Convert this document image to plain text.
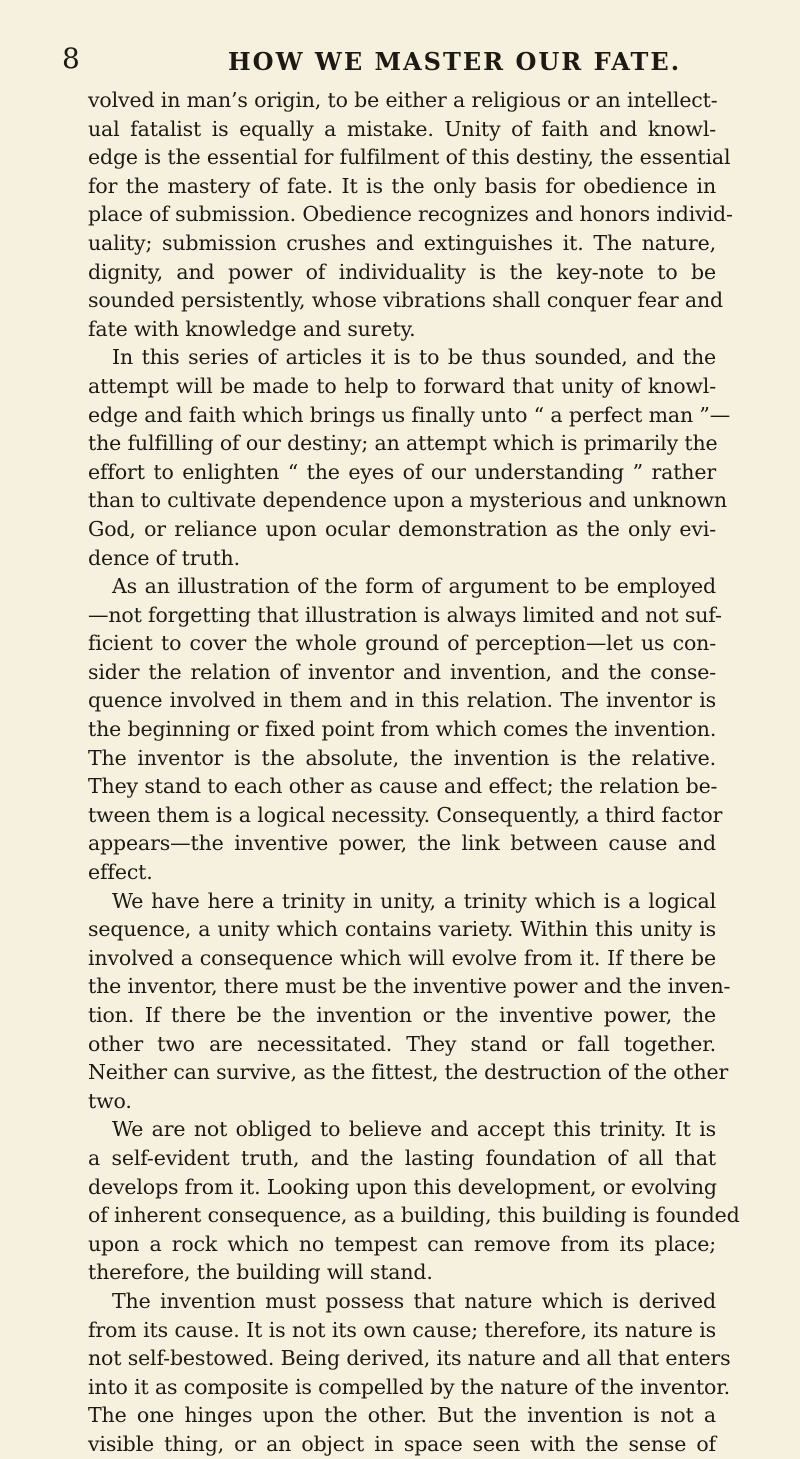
8	HOW WE MASTER OUR FATE.
volved in man’s origin, to be either a religious or an intellect-
ual fatalist is equally a mistake. Unity of faith and knowl-
edge is the essential for fulfilment of this destiny, the essential
for the mastery of fate. It is the only basis for obedience in
place of submission. Obedience recognizes and honors individ-
uality; submission crushes and extinguishes it. The nature,
dignity, and power of individuality is the key-note to be
sounded persistently, whose vibrations shall conquer fear and
fate with knowledge and surety.
In this series of articles it is to be thus sounded, and the
attempt will be made to help to forward that unity of knowl-
edge and faith which brings us finally unto “ a perfect man ”—
the fulfilling of our destiny; an attempt which is primarily the
effort to enlighten “ the eyes of our understanding ” rather
than to cultivate dependence upon a mysterious and unknown
God, or reliance upon ocular demonstration as the only evi-
dence of truth.
As an illustration of the form of argument to be employed
—not forgetting that illustration is always limited and not suf-
ficient to cover the whole ground of perception—let us con-
sider the relation of inventor and invention, and the conse-
quence involved in them and in this relation. The inventor is
the beginning or fixed point from which comes the invention.
The inventor is the absolute, the invention is the relative.
They stand to each other as cause and effect; the relation be-
tween them is a logical necessity. Consequently, a third factor
appears—the inventive power, the link between cause and
effect.
We have here a trinity in unity, a trinity which is a logical
sequence, a unity which contains variety. Within this unity is
involved a consequence which will evolve from it. If there be
the inventor, there must be the inventive power and the inven-
tion. If there be the invention or the inventive power, the
other two are necessitated. They stand or fall together.
Neither can survive, as the fittest, the destruction of the other
two.
We are not obliged to believe and accept this trinity. It is
a self-evident truth, and the lasting foundation of all that
develops from it. Looking upon this development, or evolving
of inherent consequence, as a building, this building is founded
upon a rock which no tempest can remove from its place;
therefore, the building will stand.
The invention must possess that nature which is derived
from its cause. It is not its own cause; therefore, its nature is
not self-bestowed. Being derived, its nature and all that enters
into it as composite is compelled by the nature of the inventor.
The one hinges upon the other. But the invention is not a
visible thing, or an object in space seen with the sense of
